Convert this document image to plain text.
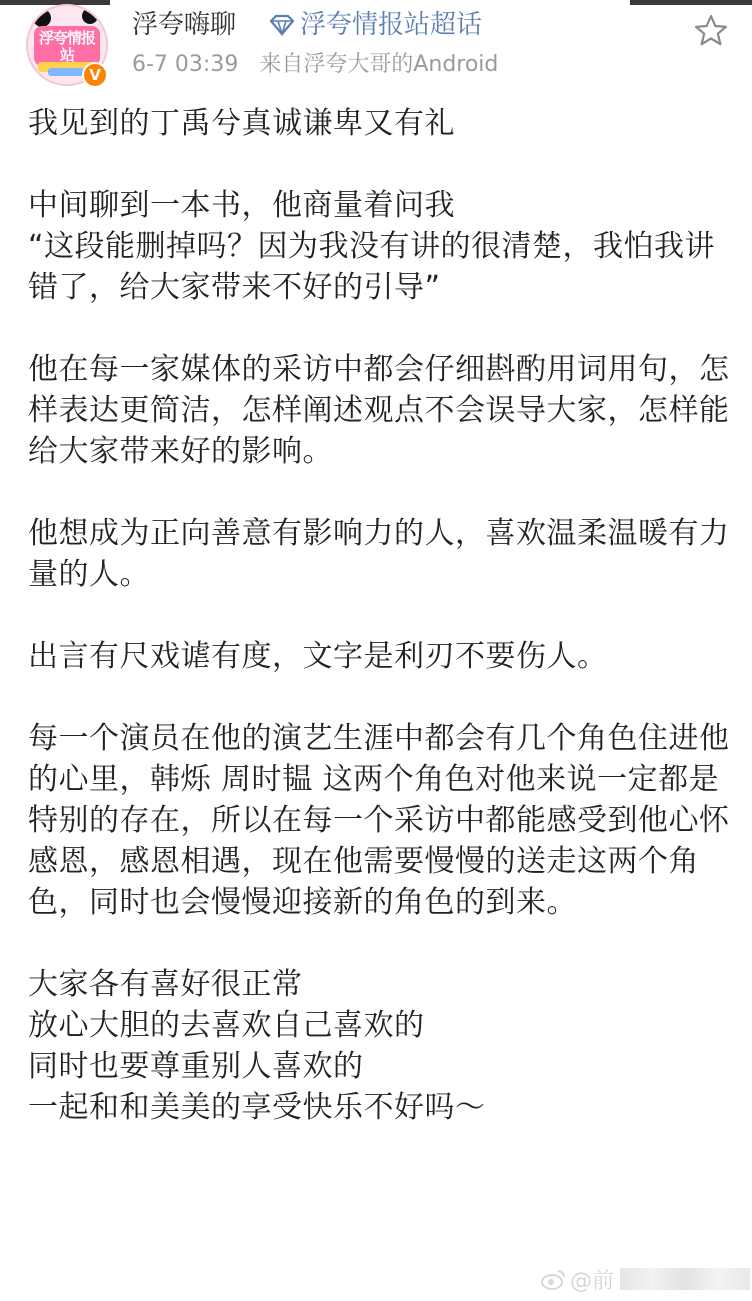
浮夸情报站
V
浮夸嗨聊 浮夸情报站超话
6-7 03:39 来自浮夸大哥的Android

我见到的丁禹兮真诚谦卑又有礼

中间聊到一本书，他商量着问我
“这段能删掉吗？因为我没有讲的很清楚，我怕我讲错了，给大家带来不好的引导”

他在每一家媒体的采访中都会仔细斟酌用词用句，怎样表达更简洁，怎样阐述观点不会误导大家，怎样能给大家带来好的影响。

他想成为正向善意有影响力的人，喜欢温柔温暖有力量的人。

出言有尺戏谑有度，文字是利刃不要伤人。

每一个演员在他的演艺生涯中都会有几个角色住进他的心里，韩烁 周时韫 这两个角色对他来说一定都是特别的存在，所以在每一个采访中都能感受到他心怀感恩，感恩相遇，现在他需要慢慢的送走这两个角色，同时也会慢慢迎接新的角色的到来。

大家各有喜好很正常
放心大胆的去喜欢自己喜欢的
同时也要尊重别人喜欢的
一起和和美美的享受快乐不好吗～

@前
